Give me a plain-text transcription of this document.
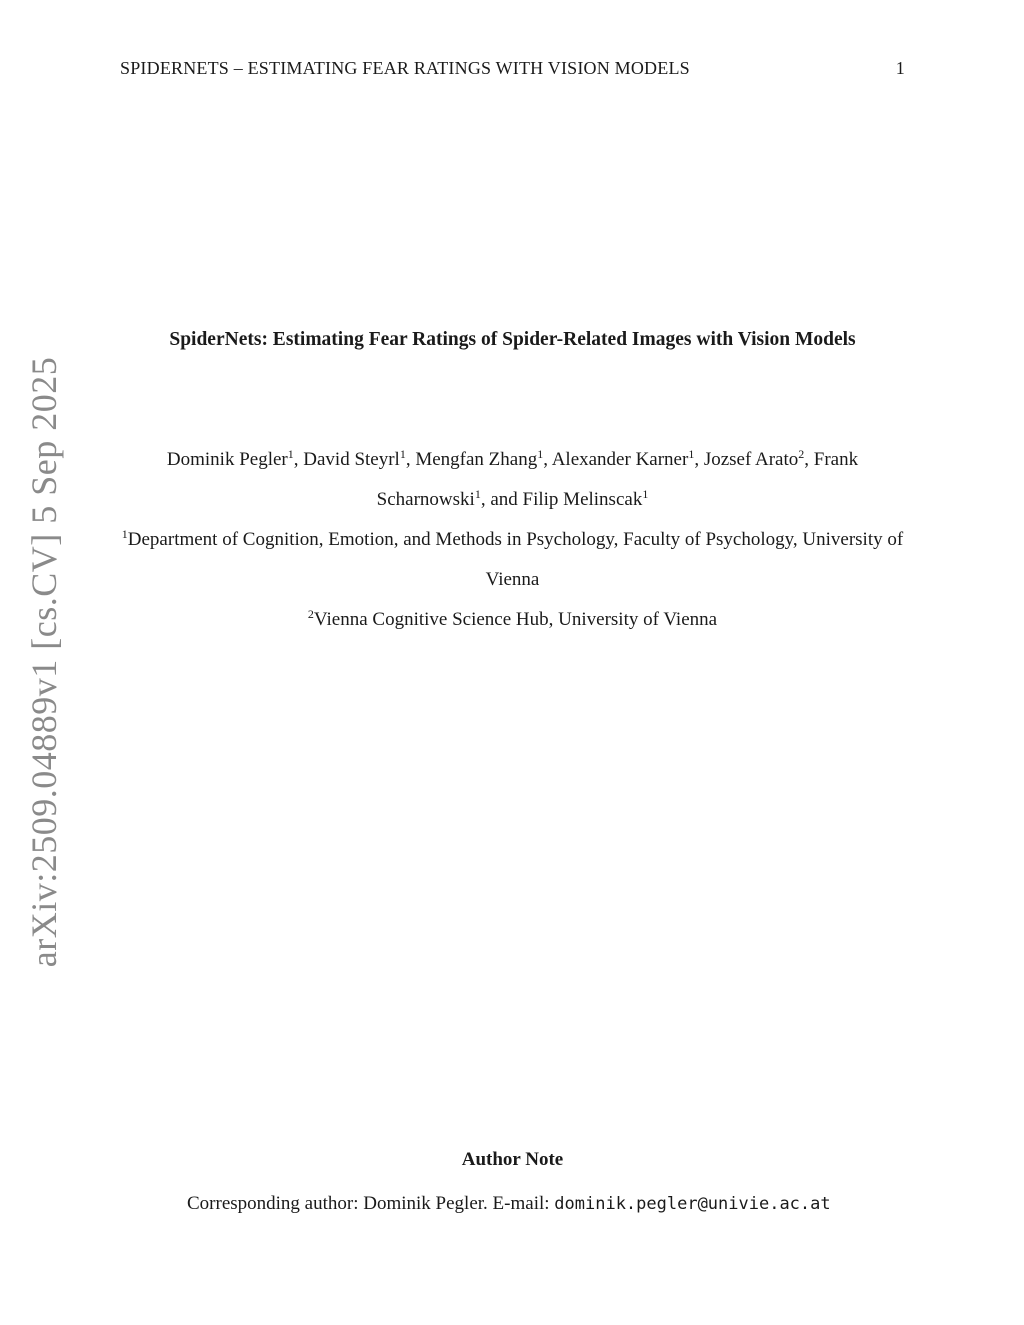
SPIDERNETS – ESTIMATING FEAR RATINGS WITH VISION MODELS	1
arXiv:2509.04889v1 [cs.CV] 5 Sep 2025
SpiderNets: Estimating Fear Ratings of Spider-Related Images with Vision Models
Dominik Pegler$^1$, David Steyrl$^1$, Mengfan Zhang$^1$, Alexander Karner$^1$, Jozsef Arato$^2$, Frank Scharnowski$^1$, and Filip Melinscak$^1$
$^1$Department of Cognition, Emotion, and Methods in Psychology, Faculty of Psychology, University of Vienna
$^2$Vienna Cognitive Science Hub, University of Vienna
Author Note
Corresponding author: Dominik Pegler. E-mail: dominik.pegler@univie.ac.at
